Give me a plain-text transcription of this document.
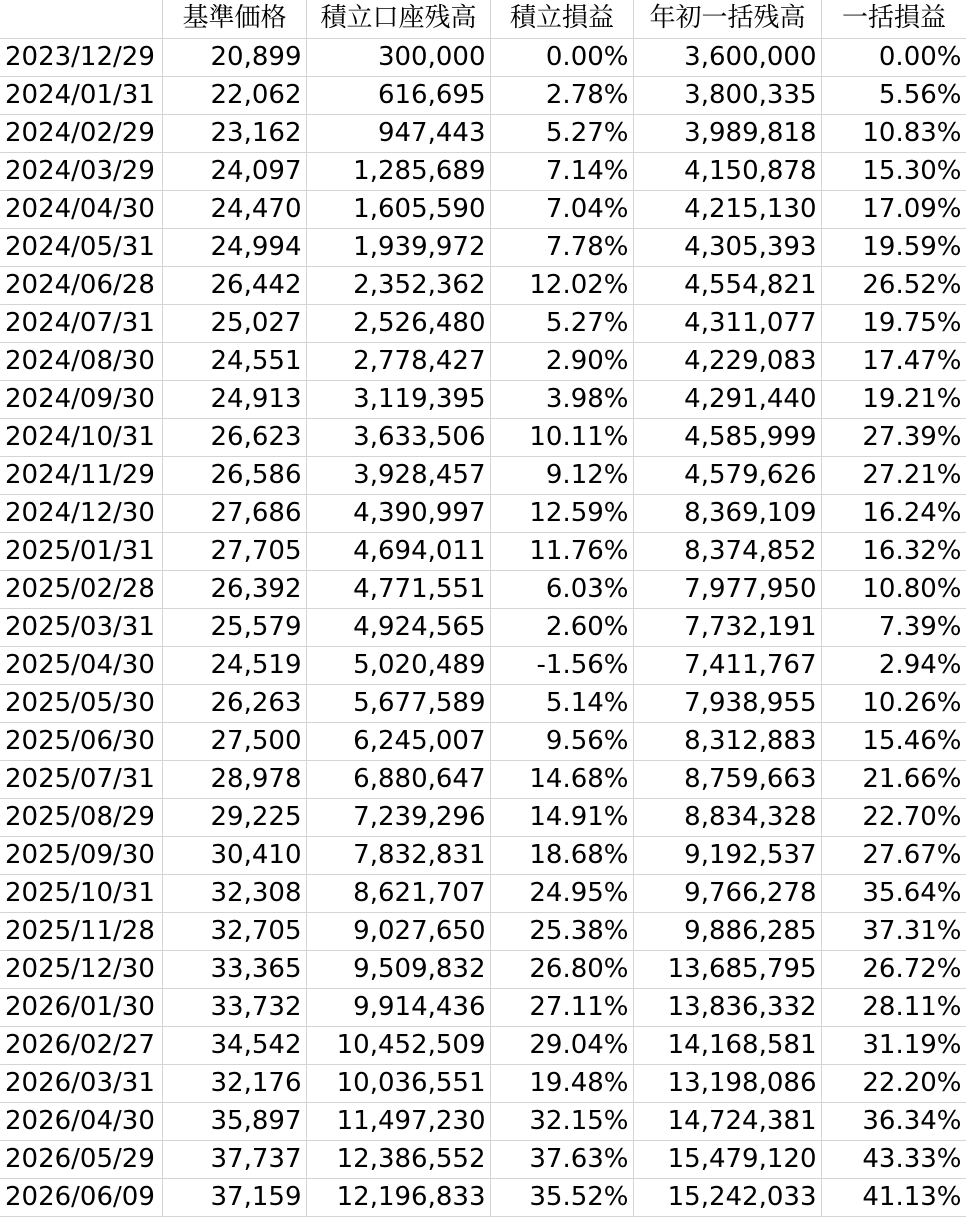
	基準価格	積立口座残高	積立損益	年初一括残高	一括損益
2023/12/29	20,899	300,000	0.00%	3,600,000	0.00%
2024/01/31	22,062	616,695	2.78%	3,800,335	5.56%
2024/02/29	23,162	947,443	5.27%	3,989,818	10.83%
2024/03/29	24,097	1,285,689	7.14%	4,150,878	15.30%
2024/04/30	24,470	1,605,590	7.04%	4,215,130	17.09%
2024/05/31	24,994	1,939,972	7.78%	4,305,393	19.59%
2024/06/28	26,442	2,352,362	12.02%	4,554,821	26.52%
2024/07/31	25,027	2,526,480	5.27%	4,311,077	19.75%
2024/08/30	24,551	2,778,427	2.90%	4,229,083	17.47%
2024/09/30	24,913	3,119,395	3.98%	4,291,440	19.21%
2024/10/31	26,623	3,633,506	10.11%	4,585,999	27.39%
2024/11/29	26,586	3,928,457	9.12%	4,579,626	27.21%
2024/12/30	27,686	4,390,997	12.59%	8,369,109	16.24%
2025/01/31	27,705	4,694,011	11.76%	8,374,852	16.32%
2025/02/28	26,392	4,771,551	6.03%	7,977,950	10.80%
2025/03/31	25,579	4,924,565	2.60%	7,732,191	7.39%
2025/04/30	24,519	5,020,489	-1.56%	7,411,767	2.94%
2025/05/30	26,263	5,677,589	5.14%	7,938,955	10.26%
2025/06/30	27,500	6,245,007	9.56%	8,312,883	15.46%
2025/07/31	28,978	6,880,647	14.68%	8,759,663	21.66%
2025/08/29	29,225	7,239,296	14.91%	8,834,328	22.70%
2025/09/30	30,410	7,832,831	18.68%	9,192,537	27.67%
2025/10/31	32,308	8,621,707	24.95%	9,766,278	35.64%
2025/11/28	32,705	9,027,650	25.38%	9,886,285	37.31%
2025/12/30	33,365	9,509,832	26.80%	13,685,795	26.72%
2026/01/30	33,732	9,914,436	27.11%	13,836,332	28.11%
2026/02/27	34,542	10,452,509	29.04%	14,168,581	31.19%
2026/03/31	32,176	10,036,551	19.48%	13,198,086	22.20%
2026/04/30	35,897	11,497,230	32.15%	14,724,381	36.34%
2026/05/29	37,737	12,386,552	37.63%	15,479,120	43.33%
2026/06/09	37,159	12,196,833	35.52%	15,242,033	41.13%
